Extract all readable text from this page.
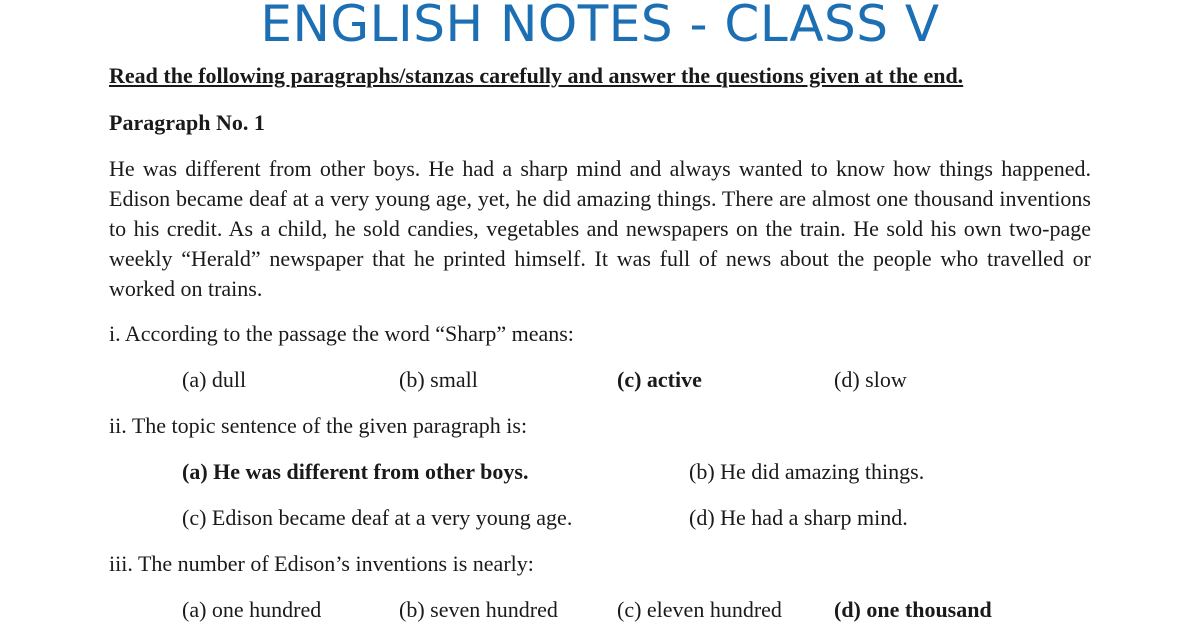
ENGLISH NOTES - CLASS V
Read the following paragraphs/stanzas carefully and answer the questions given at the end.
Paragraph No. 1
He was different from other boys. He had a sharp mind and always wanted to know how things happened. Edison became deaf at a very young age, yet, he did amazing things. There are almost one thousand inventions to his credit. As a child, he sold candies, vegetables and newspapers on the train. He sold his own two-page weekly “Herald” newspaper that he printed himself. It was full of news about the people who travelled or worked on trains.
i. According to the passage the word “Sharp” means:
(a) dull	(b) small	(c) active	(d) slow
ii. The topic sentence of the given paragraph is:
(a) He was different from other boys.	(b) He did amazing things.
(c) Edison became deaf at a very young age.	(d) He had a sharp mind.
iii. The number of Edison’s inventions is nearly:
(a) one hundred	(b) seven hundred	(c) eleven hundred (d) one thousand
